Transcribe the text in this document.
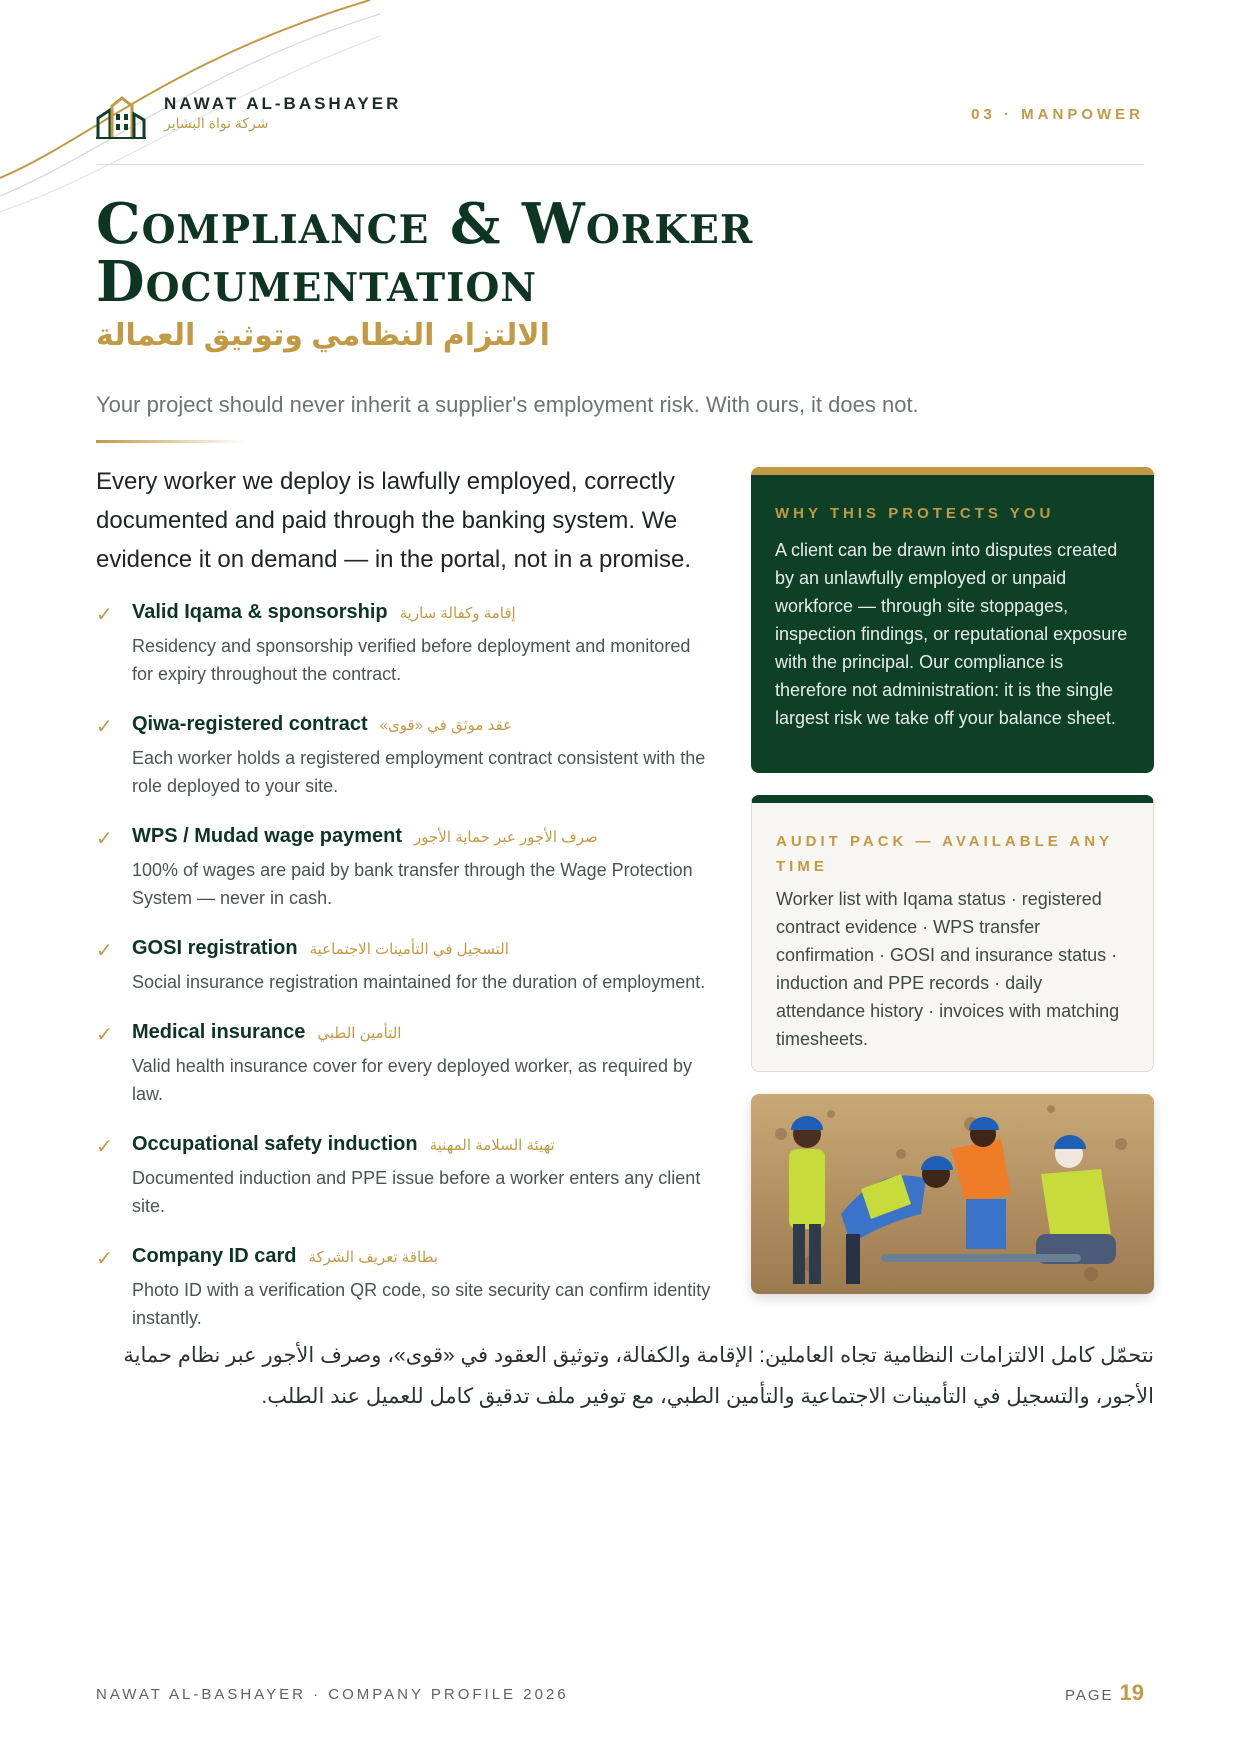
NAWAT AL-BASHAYER
شركة نواة البشاير	03 · MANPOWER
Compliance & Worker Documentation
الالتزام النظامي وتوثيق العمالة
Your project should never inherit a supplier's employment risk. With ours, it does not.

Every worker we deploy is lawfully employed, correctly documented and paid through the banking system. We evidence it on demand — in the portal, not in a promise.

✓ Valid Iqama & sponsorship إقامة وكفالة سارية
Residency and sponsorship verified before deployment and monitored for expiry throughout the contract.
✓ Qiwa-registered contract عقد موثق في «قوى»
Each worker holds a registered employment contract consistent with the role deployed to your site.
✓ WPS / Mudad wage payment صرف الأجور عبر حماية الأجور
100% of wages are paid by bank transfer through the Wage Protection System — never in cash.
✓ GOSI registration التسجيل في التأمينات الاجتماعية
Social insurance registration maintained for the duration of employment.
✓ Medical insurance التأمين الطبي
Valid health insurance cover for every deployed worker, as required by law.
✓ Occupational safety induction تهيئة السلامة المهنية
Documented induction and PPE issue before a worker enters any client site.
✓ Company ID card بطاقة تعريف الشركة
Photo ID with a verification QR code, so site security can confirm identity instantly.
WHY THIS PROTECTS YOU
A client can be drawn into disputes created by an unlawfully employed or unpaid workforce — through site stoppages, inspection findings, or reputational exposure with the principal. Our compliance is therefore not administration: it is the single largest risk we take off your balance sheet.
AUDIT PACK — AVAILABLE ANY TIME
Worker list with Iqama status · registered contract evidence · WPS transfer confirmation · GOSI and insurance status · induction and PPE records · daily attendance history · invoices with matching timesheets.
نتحمّل كامل الالتزامات النظامية تجاه العاملين: الإقامة والكفالة، وتوثيق العقود في «قوى»، وصرف الأجور عبر نظام حماية الأجور، والتسجيل في التأمينات الاجتماعية والتأمين الطبي، مع توفير ملف تدقيق كامل للعميل عند الطلب.
NAWAT AL-BASHAYER · COMPANY PROFILE 2026	PAGE 19
